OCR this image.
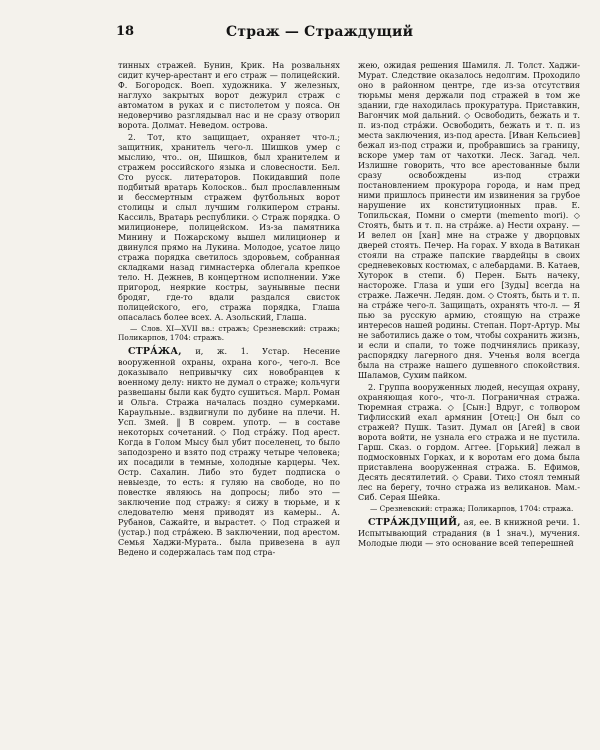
18	Страж — Страждущий

тинных стражей. Бунин, Крик. На розвальнях сидит кучер-арестант и его страж — полицейский. Ф. Богородск. Воеп. художника. У железных, наглухо закрытых ворот дежурил страж с автоматом в руках и с пистолетом у пояса. Он недоверчиво разглядывал нас и не сразу отворил ворота. Долмат. Неведом. острова.

2. Тот, кто защищает, охраняет что-л.; защитник, хранитель чего-л. Шишков умер с мыслию, что.. он, Шишков, был хранителем и стражем российского языка и словесности. Бел. Сто русск. литераторов. Покидавший поле подбитый вратарь Колосков.. был прославленным и бессмертным стражем футбольных ворот столицы и слыл лучшим голкипером страны. Кассиль, Вратарь республики. ◇ Страж порядка. О милиционере, полицейском. Из-за памятника Минину и Пожарскому вышел милиционер и двинулся прямо на Лукина. Молодое, усатое лицо стража порядка светилось здоровьем, собранная складками назад гимнастерка облегала крепкое тело. Н. Дежнев, В концертном исполнении. Уже пригород, неяркие костры, заунывные песни бродяг, где-то вдали раздался свисток полицейского, его, стража порядка, Глаша опасалась более всех. А. Азольский, Глаша.

— Слов. XI—XVII вв.: стражъ; Срезневский: стражь; Поликарпов, 1704: стражъ.

СТРА́ЖА, и, ж. 1. Устар. Несение вооруженной охраны, охрана кого-, чего-л. Все доказывало непривычку сих новобранцев к военному делу: никто не думал о страже; кольчуги развешаны были как будто сушиться. Марл. Роман и Ольга. Стража началась поздно сумерками. Караульные.. вздвигнули по дубине на плечи. Н. Усп. Змей. ‖ В соврем. употр. — в составе некоторых сочетаний. ◇ Под стра́жу. Под арест. Когда в Голом Мысу был убит поселенец, то было заподозрено и взято под стражу четыре человека; их посадили в темные, холодные карцеры. Чех. Остр. Сахалин. Либо это будет подписка о невыезде, то есть: я гуляю на свободе, но по повестке являюсь на допросы; либо это — заключение под стражу: я сижу в тюрьме, и к следователю меня приводят из камеры.. А. Рубанов, Сажайте, и вырастет. ◇ Под стражей и (устар.) под стра́жею. В заключении, под арестом. Семья Хаджи-Мурата.. была привезена в аул Ведено и содержалась там под стра-

жею, ожидая решения Шамиля. Л. Толст. Хаджи-Мурат. Следствие оказалось недолгим. Проходило оно в районном центре, где из-за отсутствия тюрьмы меня держали под стражей в том же здании, где находилась прокуратура. Приставкин, Вагончик мой дальний. ◇ Освободить, бежать и т. п. из-под стра́жи. Освободить, бежать и т. п. из места заключения, из-под ареста. [Иван Кельсиев] бежал из-под стражи и, пробравшись за границу, вскоре умер там от чахотки. Леск. Загад. чел. Излишне говорить, что все арестованные были сразу освобождены из-под стражи постановлением прокурора города, и нам пред ними пришлось принести им извинения за грубое нарушение их конституционных прав. Е. Топильская, Помни о смерти (memento mori). ◇ Стоять, быть и т. п. на стра́же. а) Нести охрану. — И велел он [хан] мне на страже у дворцовых дверей стоять. Печер. На горах. У входа в Ватикан стояли на страже папские гвардейцы в своих средневековых костюмах, с алебардами. В. Катаев, Хуторок в степи. б) Перен. Быть начеку, настороже. Глаза и уши его [Зуды] всегда на страже. Лажечн. Ледян. дом. ◇ Стоять, быть и т. п. на стра́же чего-л. Защищать, охранять что-л. — Я пью за русскую армию, стоящую на страже интересов нашей родины. Степан. Порт-Артур. Мы не заботились даже о том, чтобы сохранить жизнь, и если и спали, то тоже подчинялись приказу, распорядку лагерного дня. Ученья воля всегда была на страже нашего душевного спокойствия. Шаламов, Сухим пайком.

2. Группа вооруженных людей, несущая охрану, охраняющая кого-, что-л. Пограничная стража. Тюремная стража. ◇ [Сын:] Вдруг, с толвором Тифлисский ехал армянин [Отец:] Он был со стражей? Пушк. Тазит. Думал он [Агей] в свои ворота войти, не узнала его стража и не пустила. Гарш. Сказ. о гордом. Аггее. [Горький] лежал в подмосковных Горках, и к воротам его дома была приставлена вооруженная стража. Б. Ефимов, Десять десятилетий. ◇ Срави. Тихо стоял темный лес на берегу, точно стража из великанов. Мам.-Сиб. Серая Шейка.

— Срезневский: стража; Поликарпов, 1704: стража.

СТРА́ЖДУЩИЙ, ая, ее. В книжной речи. 1. Испытывающий страдания (в 1 знач.), мучения. Молодые люди — это основание всей теперешней
